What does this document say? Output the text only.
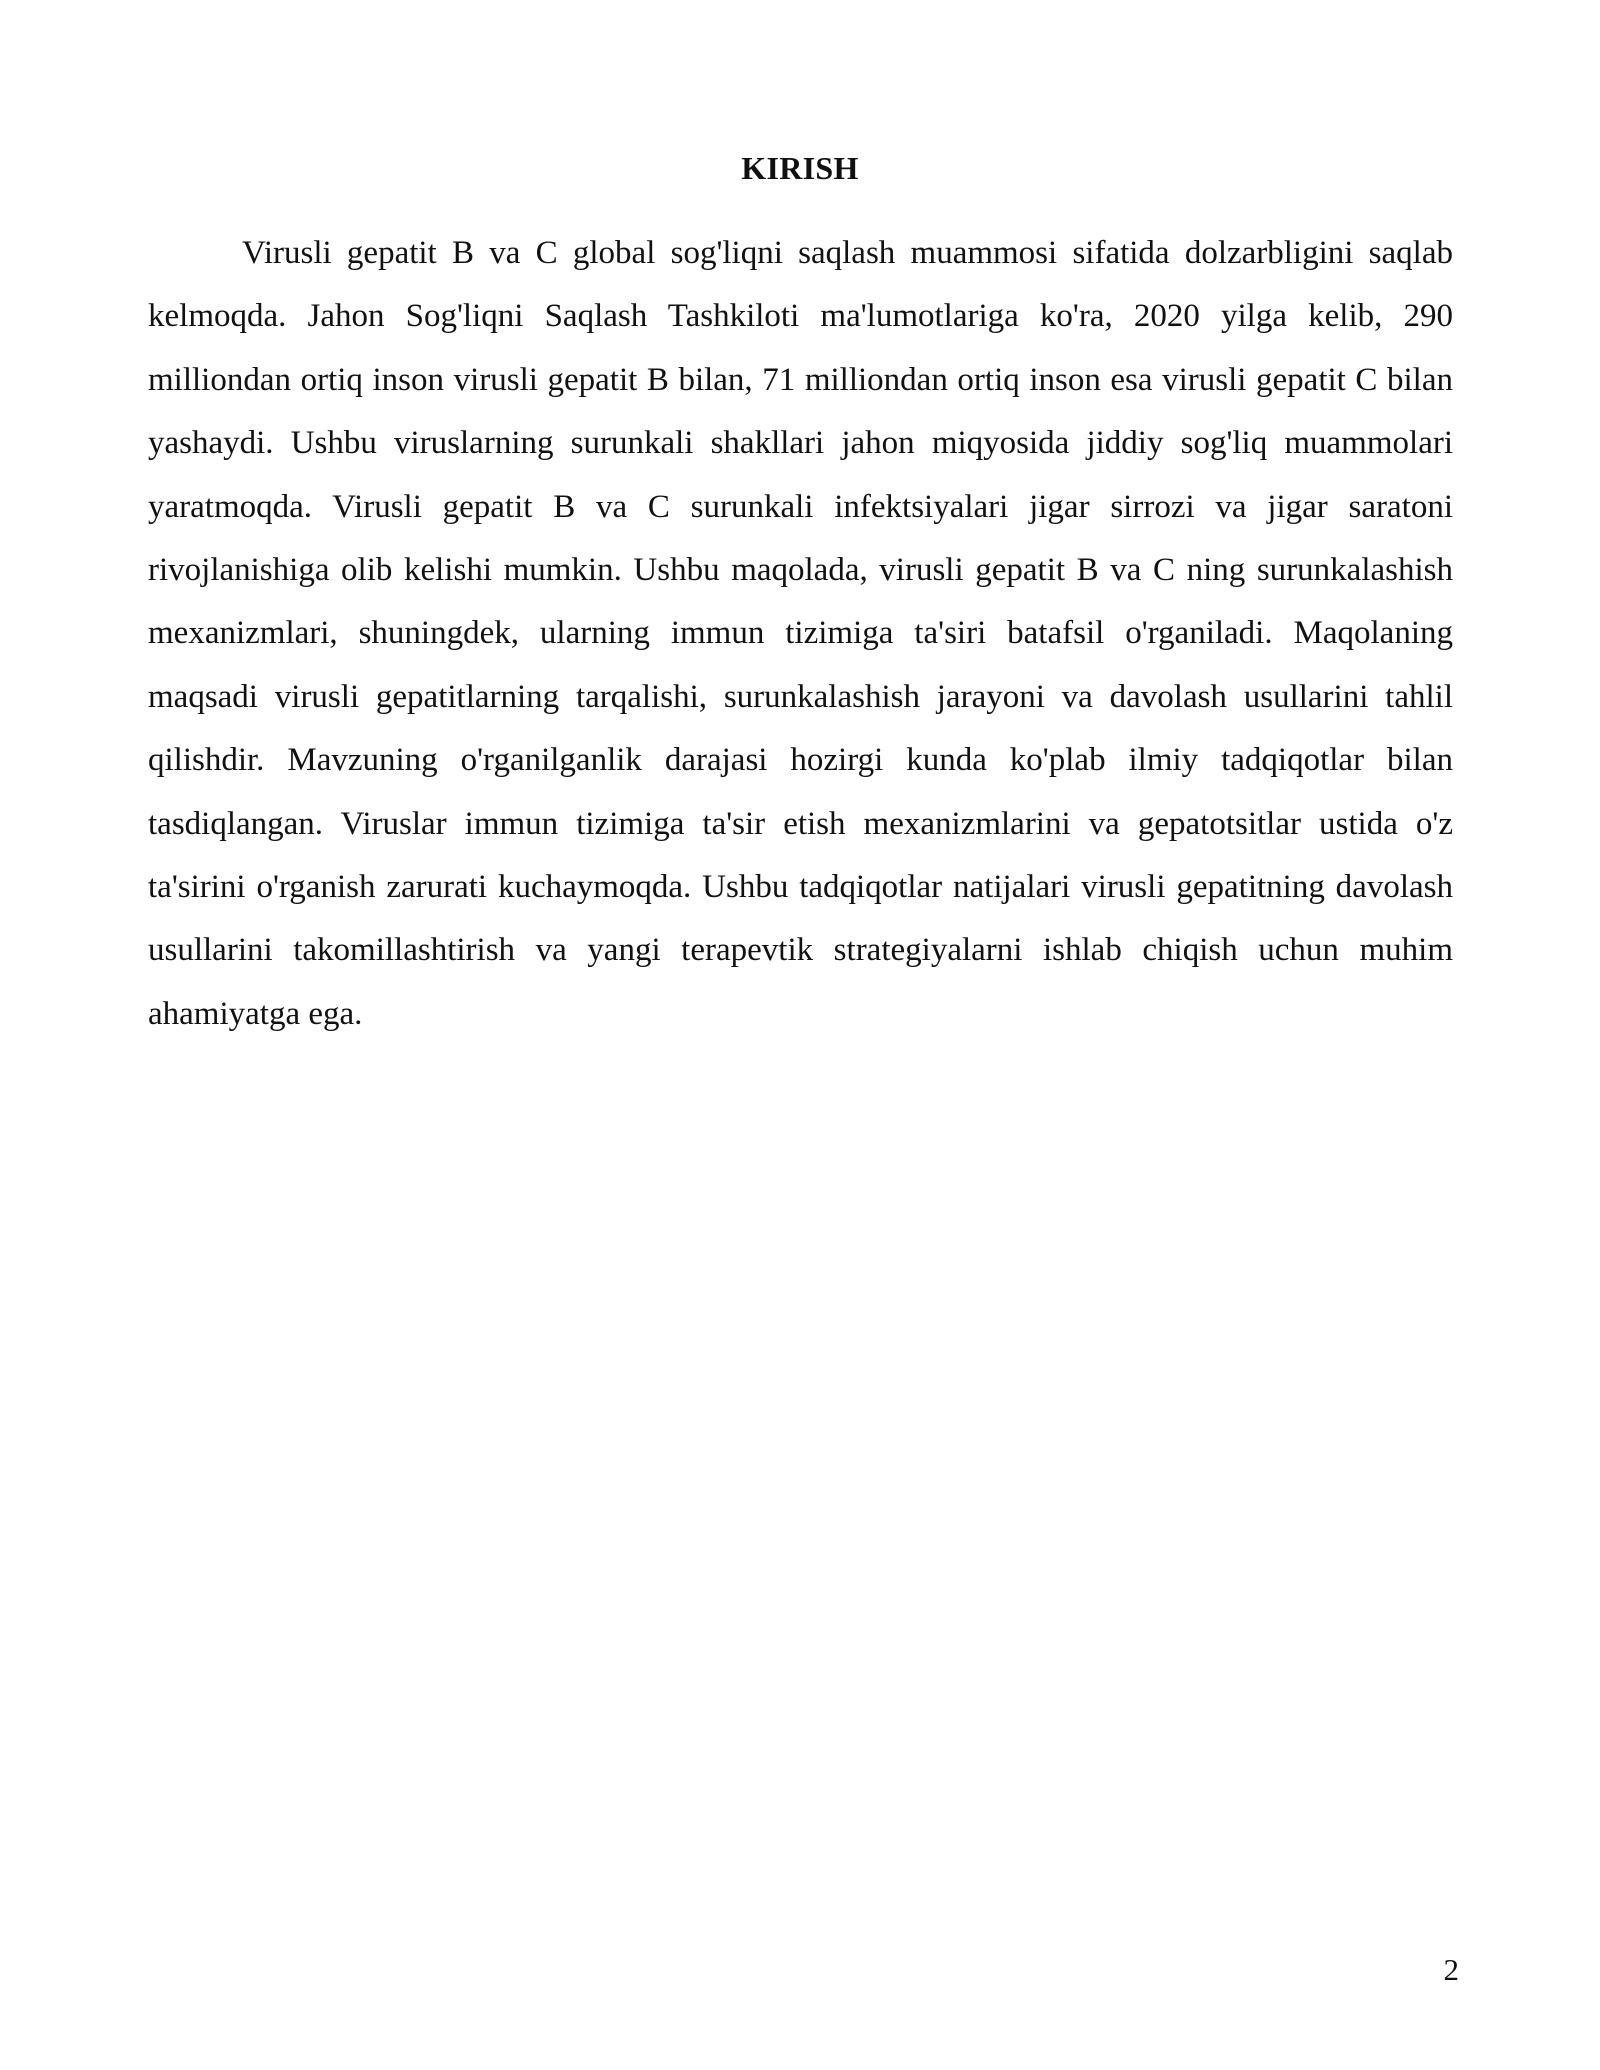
KIRISH

Virusli gepatit B va C global sog'liqni saqlash muammosi sifatida dolzarbligini saqlab kelmoqda. Jahon Sog'liqni Saqlash Tashkiloti ma'lumotlariga ko'ra, 2020 yilga kelib, 290 milliondan ortiq inson virusli gepatit B bilan, 71 milliondan ortiq inson esa virusli gepatit C bilan yashaydi. Ushbu viruslarning surunkali shakllari jahon miqyosida jiddiy sog'liq muammolari yaratmoqda. Virusli gepatit B va C surunkali infektsiyalari jigar sirrozi va jigar saratoni rivojlanishiga olib kelishi mumkin. Ushbu maqolada, virusli gepatit B va C ning surunkalashish mexanizmlari, shuningdek, ularning immun tizimiga ta'siri batafsil o'rganiladi. Maqolaning maqsadi virusli gepatitlarning tarqalishi, surunkalashish jarayoni va davolash usullarini tahlil qilishdir. Mavzuning o'rganilganlik darajasi hozirgi kunda ko'plab ilmiy tadqiqotlar bilan tasdiqlangan. Viruslar immun tizimiga ta'sir etish mexanizmlarini va gepatotsitlar ustida o'z ta'sirini o'rganish zarurati kuchaymoqda. Ushbu tadqiqotlar natijalari virusli gepatitning davolash usullarini takomillashtirish va yangi terapevtik strategiyalarni ishlab chiqish uchun muhim ahamiyatga ega.

2
